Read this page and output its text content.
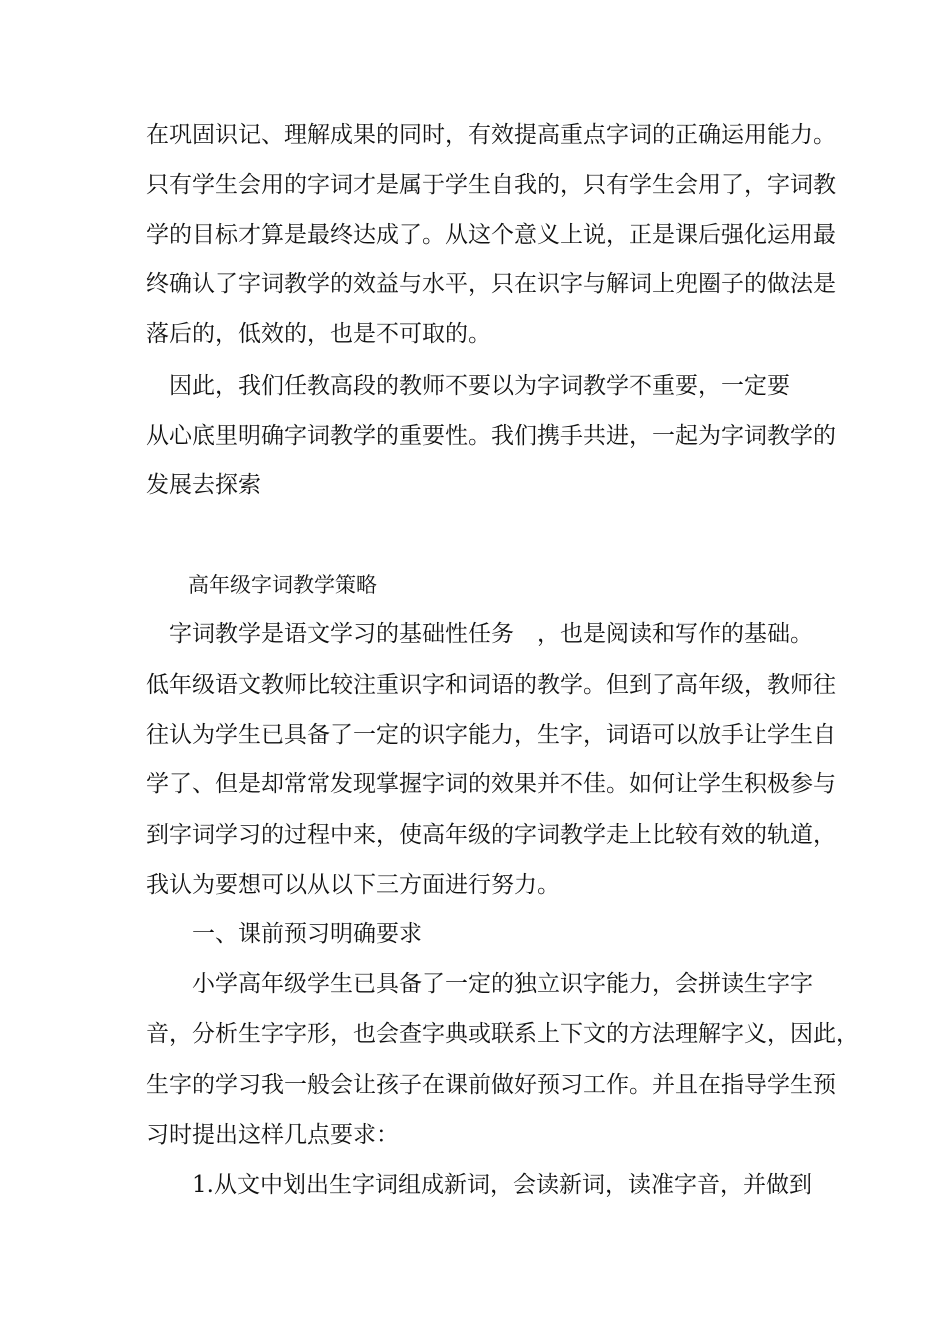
在巩固识记、理解成果的同时，有效提高重点字词的正确运用能力。
只有学生会用的字词才是属于学生自我的，只有学生会用了，字词教
学的目标才算是最终达成了。从这个意义上说，正是课后强化运用最
终确认了字词教学的效益与水平，只在识字与解词上兜圈子的做法是
落后的，低效的，也是不可取的。
　因此，我们任教高段的教师不要以为字词教学不重要，一定要
从心底里明确字词教学的重要性。我们携手共进，一起为字词教学的
发展去探索
高年级字词教学策略
　字词教学是语文学习的基础性任务　，也是阅读和写作的基础。
低年级语文教师比较注重识字和词语的教学。但到了高年级，教师往
往认为学生已具备了一定的识字能力，生字，词语可以放手让学生自
学了、但是却常常发现掌握字词的效果并不佳。如何让学生积极参与
到字词学习的过程中来，使高年级的字词教学走上比较有效的轨道，
我认为要想可以从以下三方面进行努力。
　　一、课前预习明确要求
　　小学高年级学生已具备了一定的独立识字能力，会拼读生字字
音，分析生字字形，也会查字典或联系上下文的方法理解字义，因此，
生字的学习我一般会让孩子在课前做好预习工作。并且在指导学生预
习时提出这样几点要求：
　　1.从文中划出生字词组成新词，会读新词，读准字音，并做到
